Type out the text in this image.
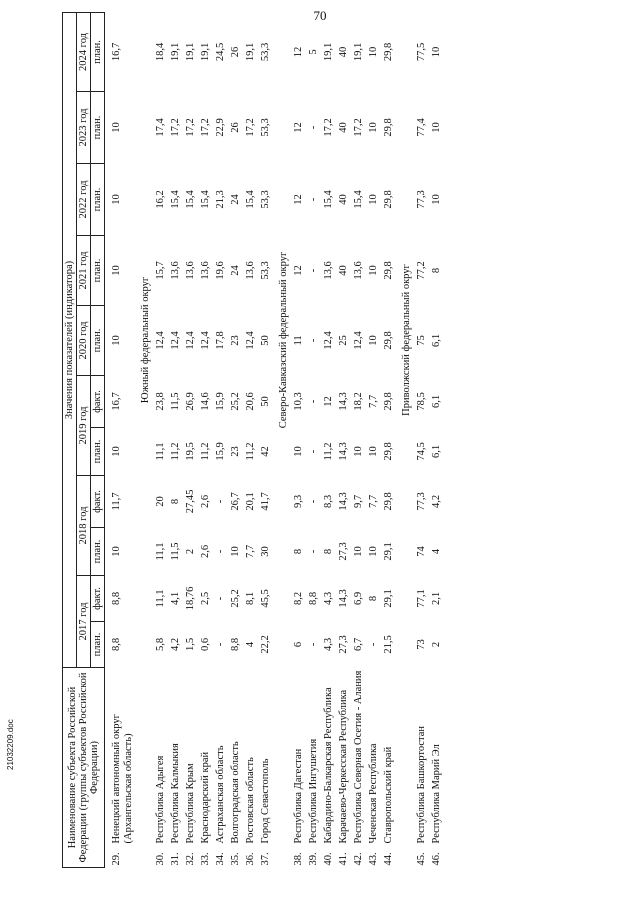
70
21032209.doc	Наименование субъекта Российской Федерации (группы субъектов Российской Федерации)		Значения показателей (индикатора)										
		2017 год		2018 год		2019 год		2020 год	2021 год	2022 год	2023 год	2024 год
		план.	факт.	план.	факт.	план.	факт.	план.	план.	план.	план.	план.
29.	Ненецкий автономный округ (Архангельская область)	8,8	8,8	10	11,7	10	16,7	10	10	10	10	16,7
		Южный федеральный округ										
30.	Республика Адыгея	5,8	11,1	11,1	20	11,1	23,8	12,4	15,7	16,2	17,4	18,4
31.	Республика Калмыкия	4,2	4,1	11,5	8	11,2	11,5	12,4	13,6	15,4	17,2	19,1
32.	Республика Крым	1,5	18,76	2	27,45	19,5	26,9	12,4	13,6	15,4	17,2	19,1
33.	Краснодарский край	0,6	2,5	2,6	2,6	11,2	14,6	12,4	13,6	15,4	17,2	19,1
34.	Астраханская область	-	-	-	-	15,9	15,9	17,8	19,6	21,3	22,9	24,5
35.	Волгоградская область	8,8	25,2	10	26,7	23	25,2	23	24	24	26	26
36.	Ростовская область	4	8,1	7,7	20,1	11,2	20,6	12,4	13,6	15,4	17,2	19,1
37.	Город Севастополь	22,2	45,5	30	41,7	42	50	50	53,3	53,3	53,3	53,3
		Северо-Кавказский федеральный округ										
38.	Республика Дагестан	6	8,2	8	9,3	10	10,3	11	12	12	12	12
39.	Республика Ингушетия	-	8,8	-	-	-	-	-	-	-	-	5
40.	Кабардино-Балкарская Республика	4,3	4,3	8	8,3	11,2	12	12,4	13,6	15,4	17,2	19,1
41.	Карачаево-Черкесская Республика	27,3	14,3	27,3	14,3	14,3	14,3	25	40	40	40	40
42.	Республика Северная Осетия - Алания	6,7	6,9	10	9,7	10	18,2	12,4	13,6	15,4	17,2	19,1
43.	Чеченская Республика	-	8	10	7,7	10	7,7	10	10	10	10	10
44.	Ставропольский край	21,5	29,1	29,1	29,8	29,8	29,8	29,8	29,8	29,8	29,8	29,8
		Приволжский федеральный округ										
45.	Республика Башкортостан	73	77,1	74	77,3	74,5	78,5	75	77,2	77,3	77,4	77,5
46.	Республика Марий Эл	2	2,1	4	4,2	6,1	6,1	6,1	8	10	10	10
